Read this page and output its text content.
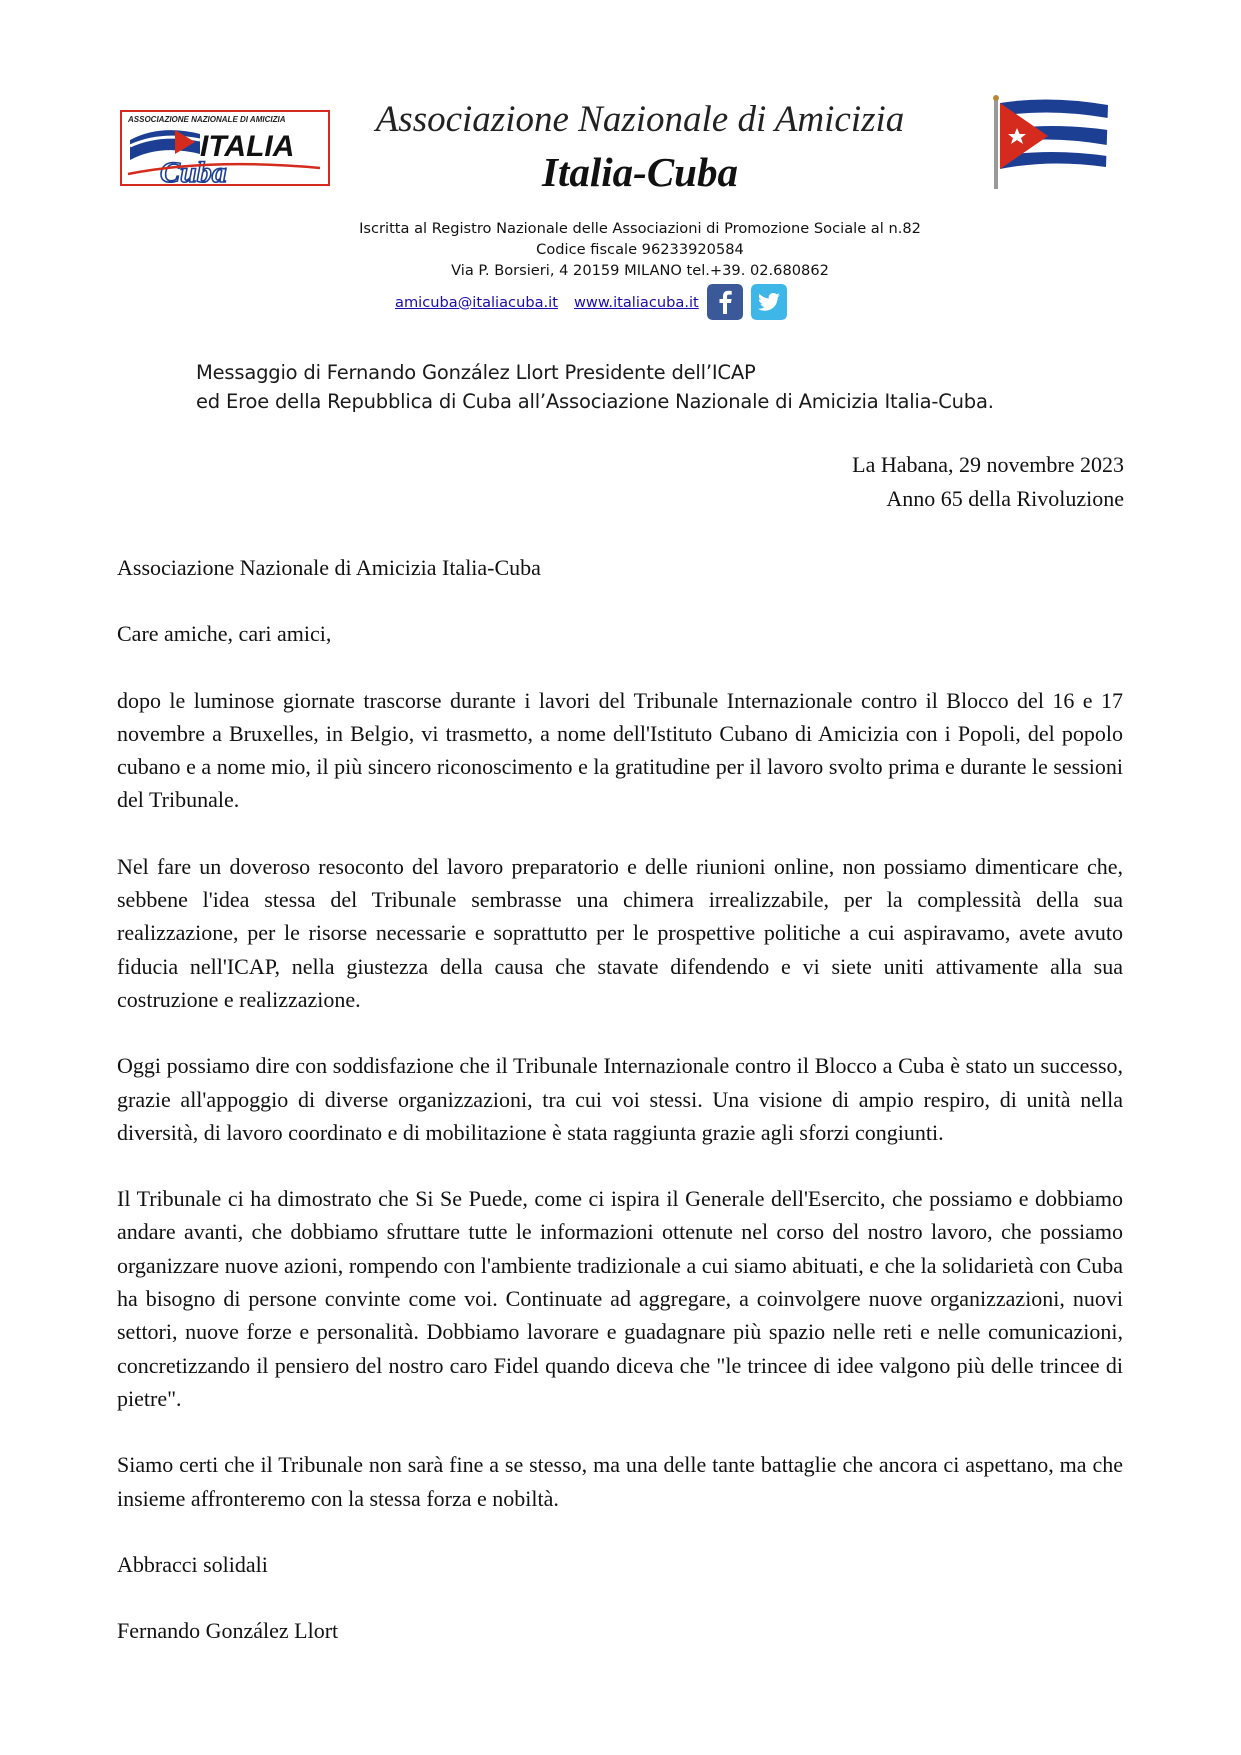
ASSOCIAZIONE NAZIONALE DI AMICIZIA
ITALIA
Cuba
Associazione Nazionale di Amicizia
Italia-Cuba
Iscritta al Registro Nazionale delle Associazioni di Promozione Sociale al n.82
Codice fiscale 96233920584
Via P. Borsieri, 4 20159 MILANO tel.+39. 02.680862
amicuba@italiacuba.it www.italiacuba.it
Messaggio di Fernando González Llort Presidente dell’ICAP
ed Eroe della Repubblica di Cuba all’Associazione Nazionale di Amicizia Italia-Cuba.
La Habana, 29 novembre 2023
Anno 65 della Rivoluzione

Associazione Nazionale di Amicizia Italia-Cuba

Care amiche, cari amici,

dopo le luminose giornate trascorse durante i lavori del Tribunale Internazionale contro il Blocco del 16 e 17 novembre a Bruxelles, in Belgio, vi trasmetto, a nome dell'Istituto Cubano di Amicizia con i Popoli, del popolo cubano e a nome mio, il più sincero riconoscimento e la gratitudine per il lavoro svolto prima e durante le sessioni del Tribunale.

Nel fare un doveroso resoconto del lavoro preparatorio e delle riunioni online, non possiamo dimenticare che, sebbene l'idea stessa del Tribunale sembrasse una chimera irrealizzabile, per la complessità della sua realizzazione, per le risorse necessarie e soprattutto per le prospettive politiche a cui aspiravamo, avete avuto fiducia nell'ICAP, nella giustezza della causa che stavate difendendo e vi siete uniti attivamente alla sua costruzione e realizzazione.

Oggi possiamo dire con soddisfazione che il Tribunale Internazionale contro il Blocco a Cuba è stato un successo, grazie all'appoggio di diverse organizzazioni, tra cui voi stessi. Una visione di ampio respiro, di unità nella diversità, di lavoro coordinato e di mobilitazione è stata raggiunta grazie agli sforzi congiunti.

Il Tribunale ci ha dimostrato che Si Se Puede, come ci ispira il Generale dell'Esercito, che possiamo e dobbiamo andare avanti, che dobbiamo sfruttare tutte le informazioni ottenute nel corso del nostro lavoro, che possiamo organizzare nuove azioni, rompendo con l'ambiente tradizionale a cui siamo abituati, e che la solidarietà con Cuba ha bisogno di persone convinte come voi. Continuate ad aggregare, a coinvolgere nuove organizzazioni, nuovi settori, nuove forze e personalità. Dobbiamo lavorare e guadagnare più spazio nelle reti e nelle comunicazioni, concretizzando il pensiero del nostro caro Fidel quando diceva che "le trincee di idee valgono più delle trincee di pietre".

Siamo certi che il Tribunale non sarà fine a se stesso, ma una delle tante battaglie che ancora ci aspettano, ma che insieme affronteremo con la stessa forza e nobiltà.

Abbracci solidali

Fernando González Llort
